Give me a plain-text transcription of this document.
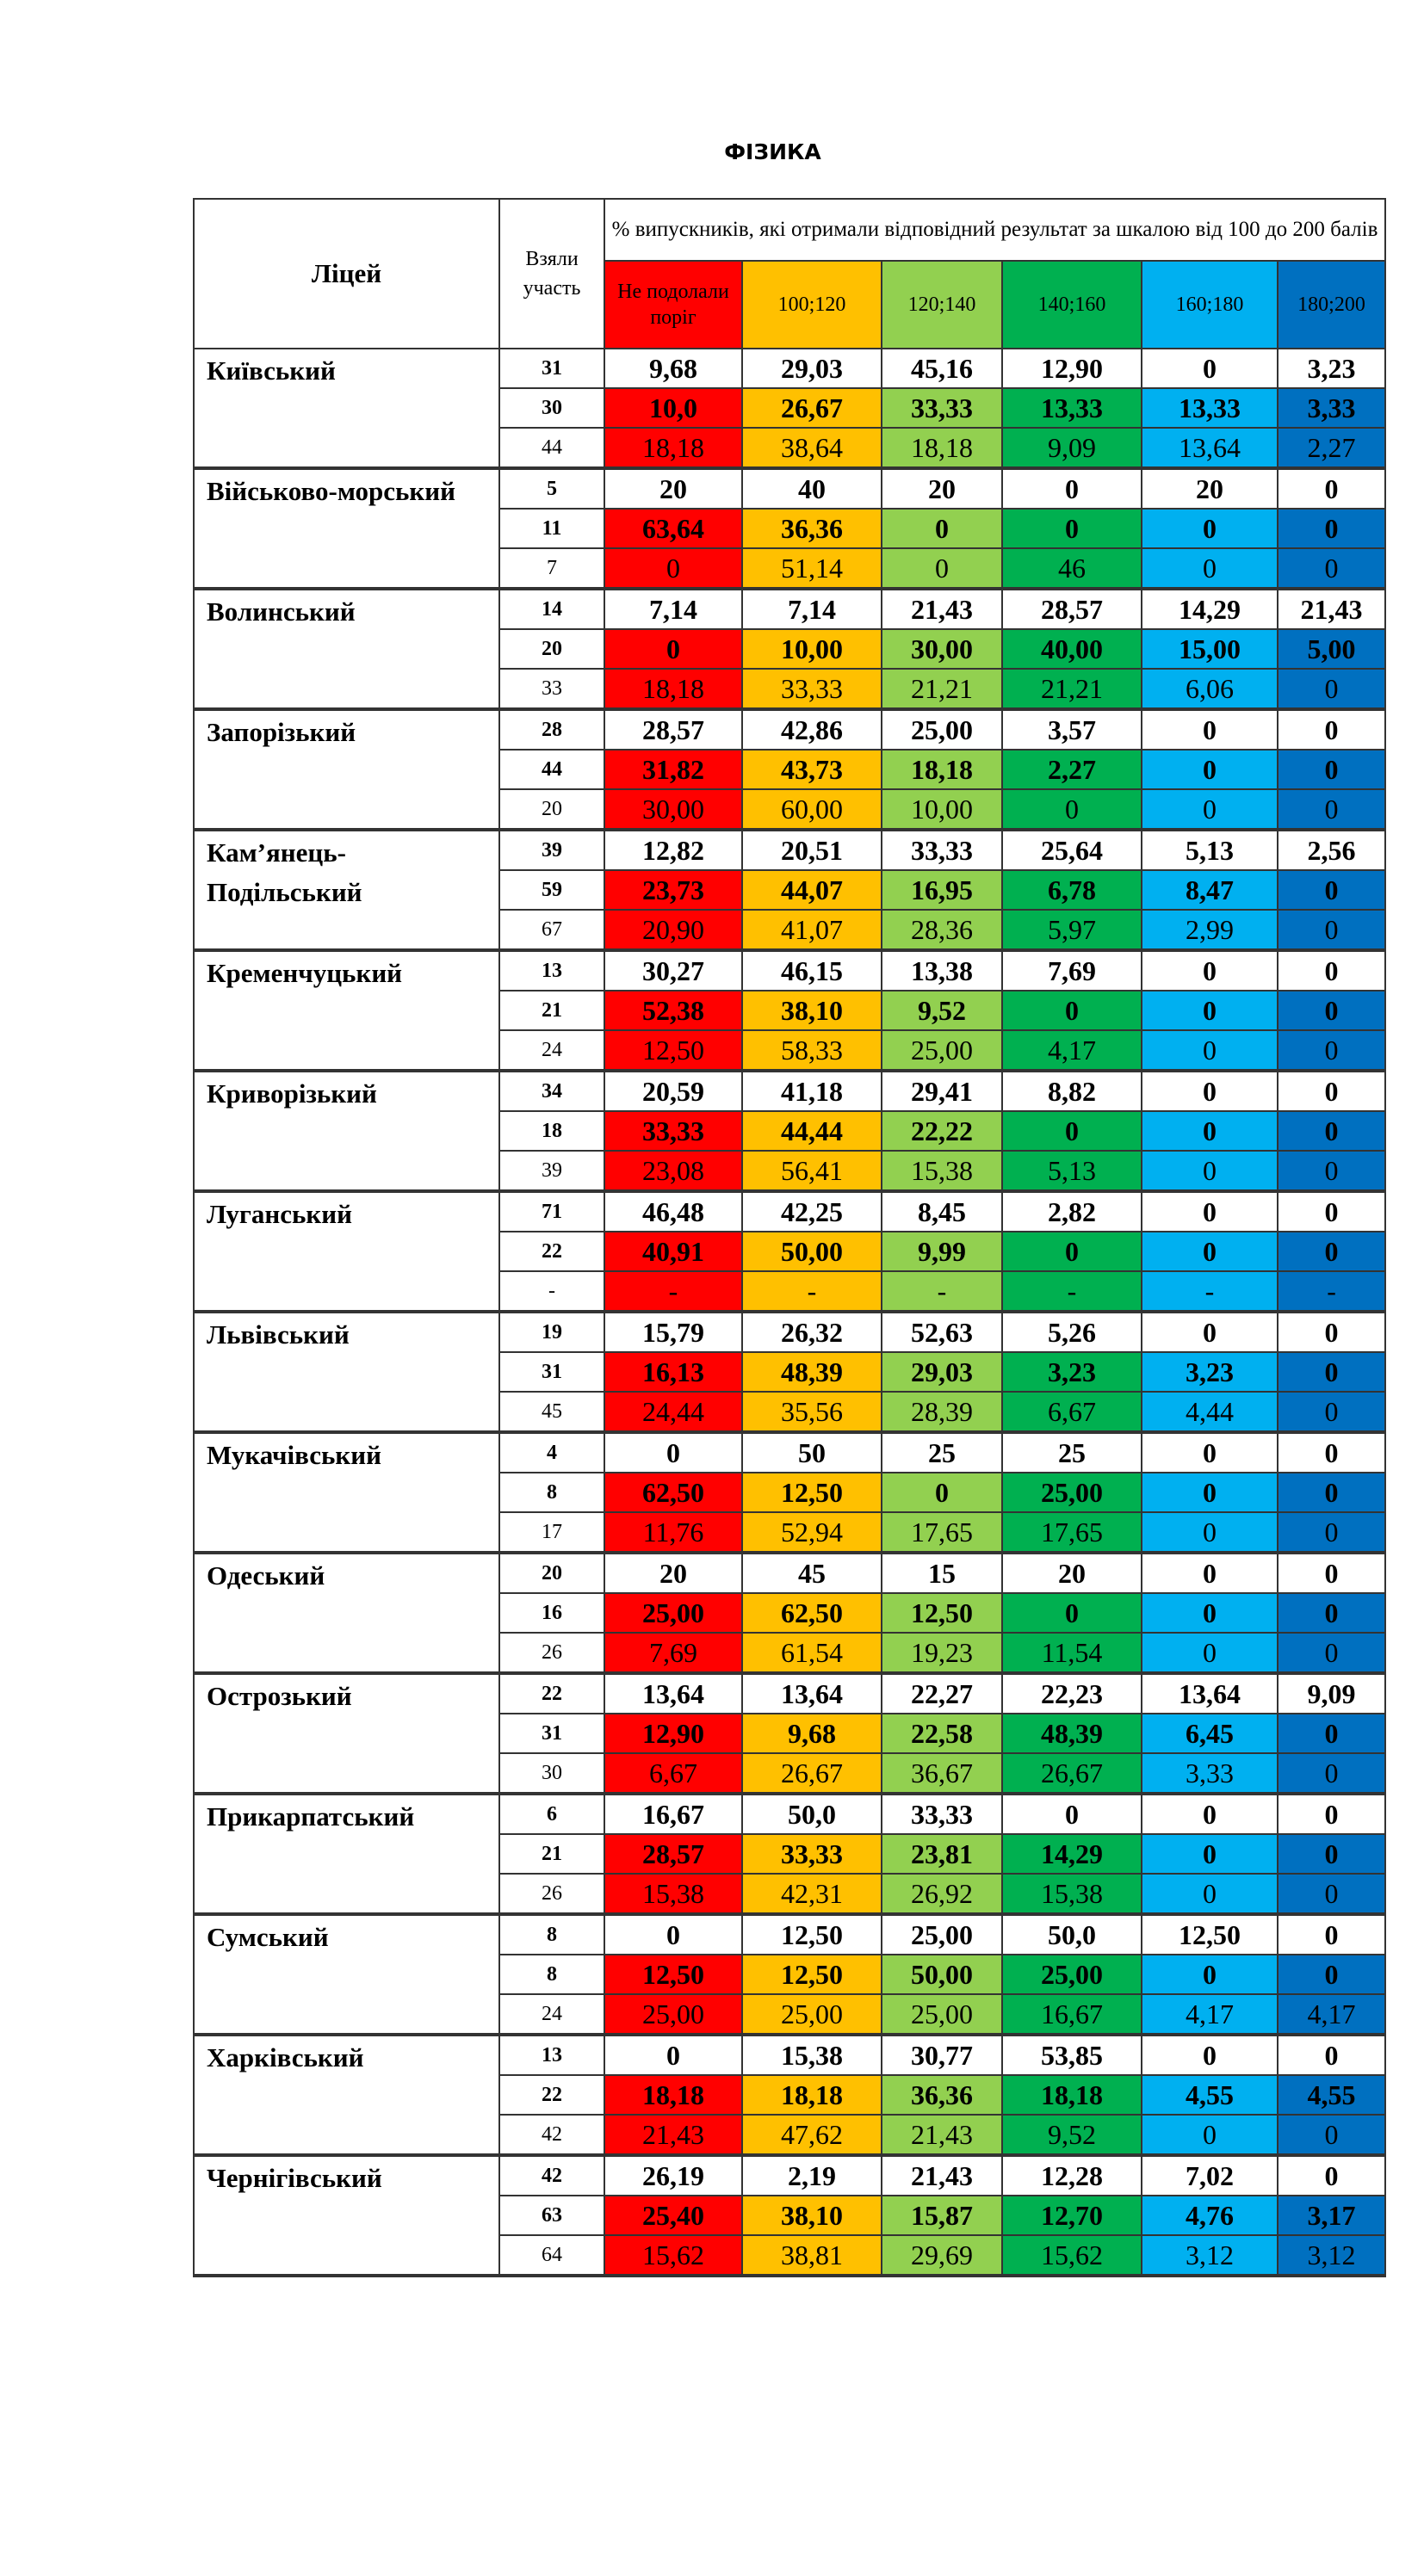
ФІЗИКА
Ліцей	Взяли участь	% випускників, які отримали відповідний результат за шкалою від 100 до 200 балів					
		Не подолали поріг	100;120	120;140	140;160	160;180	180;200
Київський	31	9,68	29,03	45,16	12,90	0	3,23
	30	10,0	26,67	33,33	13,33	13,33	3,33
	44	18,18	38,64	18,18	9,09	13,64	2,27
Військово-морський	5	20	40	20	0	20	0
	11	63,64	36,36	0	0	0	0
	7	0	51,14	0	46	0	0
Волинський	14	7,14	7,14	21,43	28,57	14,29	21,43
	20	0	10,00	30,00	40,00	15,00	5,00
	33	18,18	33,33	21,21	21,21	6,06	0
Запорізький	28	28,57	42,86	25,00	3,57	0	0
	44	31,82	43,73	18,18	2,27	0	0
	20	30,00	60,00	10,00	0	0	0
Кам’янець-Подільський	39	12,82	20,51	33,33	25,64	5,13	2,56
	59	23,73	44,07	16,95	6,78	8,47	0
	67	20,90	41,07	28,36	5,97	2,99	0
Кременчуцький	13	30,27	46,15	13,38	7,69	0	0
	21	52,38	38,10	9,52	0	0	0
	24	12,50	58,33	25,00	4,17	0	0
Криворізький	34	20,59	41,18	29,41	8,82	0	0
	18	33,33	44,44	22,22	0	0	0
	39	23,08	56,41	15,38	5,13	0	0
Луганський	71	46,48	42,25	8,45	2,82	0	0
	22	40,91	50,00	9,99	0	0	0
	-	-	-	-	-	-	-
Львівський	19	15,79	26,32	52,63	5,26	0	0
	31	16,13	48,39	29,03	3,23	3,23	0
	45	24,44	35,56	28,39	6,67	4,44	0
Мукачівський	4	0	50	25	25	0	0
	8	62,50	12,50	0	25,00	0	0
	17	11,76	52,94	17,65	17,65	0	0
Одеський	20	20	45	15	20	0	0
	16	25,00	62,50	12,50	0	0	0
	26	7,69	61,54	19,23	11,54	0	0
Острозький	22	13,64	13,64	22,27	22,23	13,64	9,09
	31	12,90	9,68	22,58	48,39	6,45	0
	30	6,67	26,67	36,67	26,67	3,33	0
Прикарпатський	6	16,67	50,0	33,33	0	0	0
	21	28,57	33,33	23,81	14,29	0	0
	26	15,38	42,31	26,92	15,38	0	0
Сумський	8	0	12,50	25,00	50,0	12,50	0
	8	12,50	12,50	50,00	25,00	0	0
	24	25,00	25,00	25,00	16,67	4,17	4,17
Харківський	13	0	15,38	30,77	53,85	0	0
	22	18,18	18,18	36,36	18,18	4,55	4,55
	42	21,43	47,62	21,43	9,52	0	0
Чернігівський	42	26,19	2,19	21,43	12,28	7,02	0
	63	25,40	38,10	15,87	12,70	4,76	3,17
	64	15,62	38,81	29,69	15,62	3,12	3,12
